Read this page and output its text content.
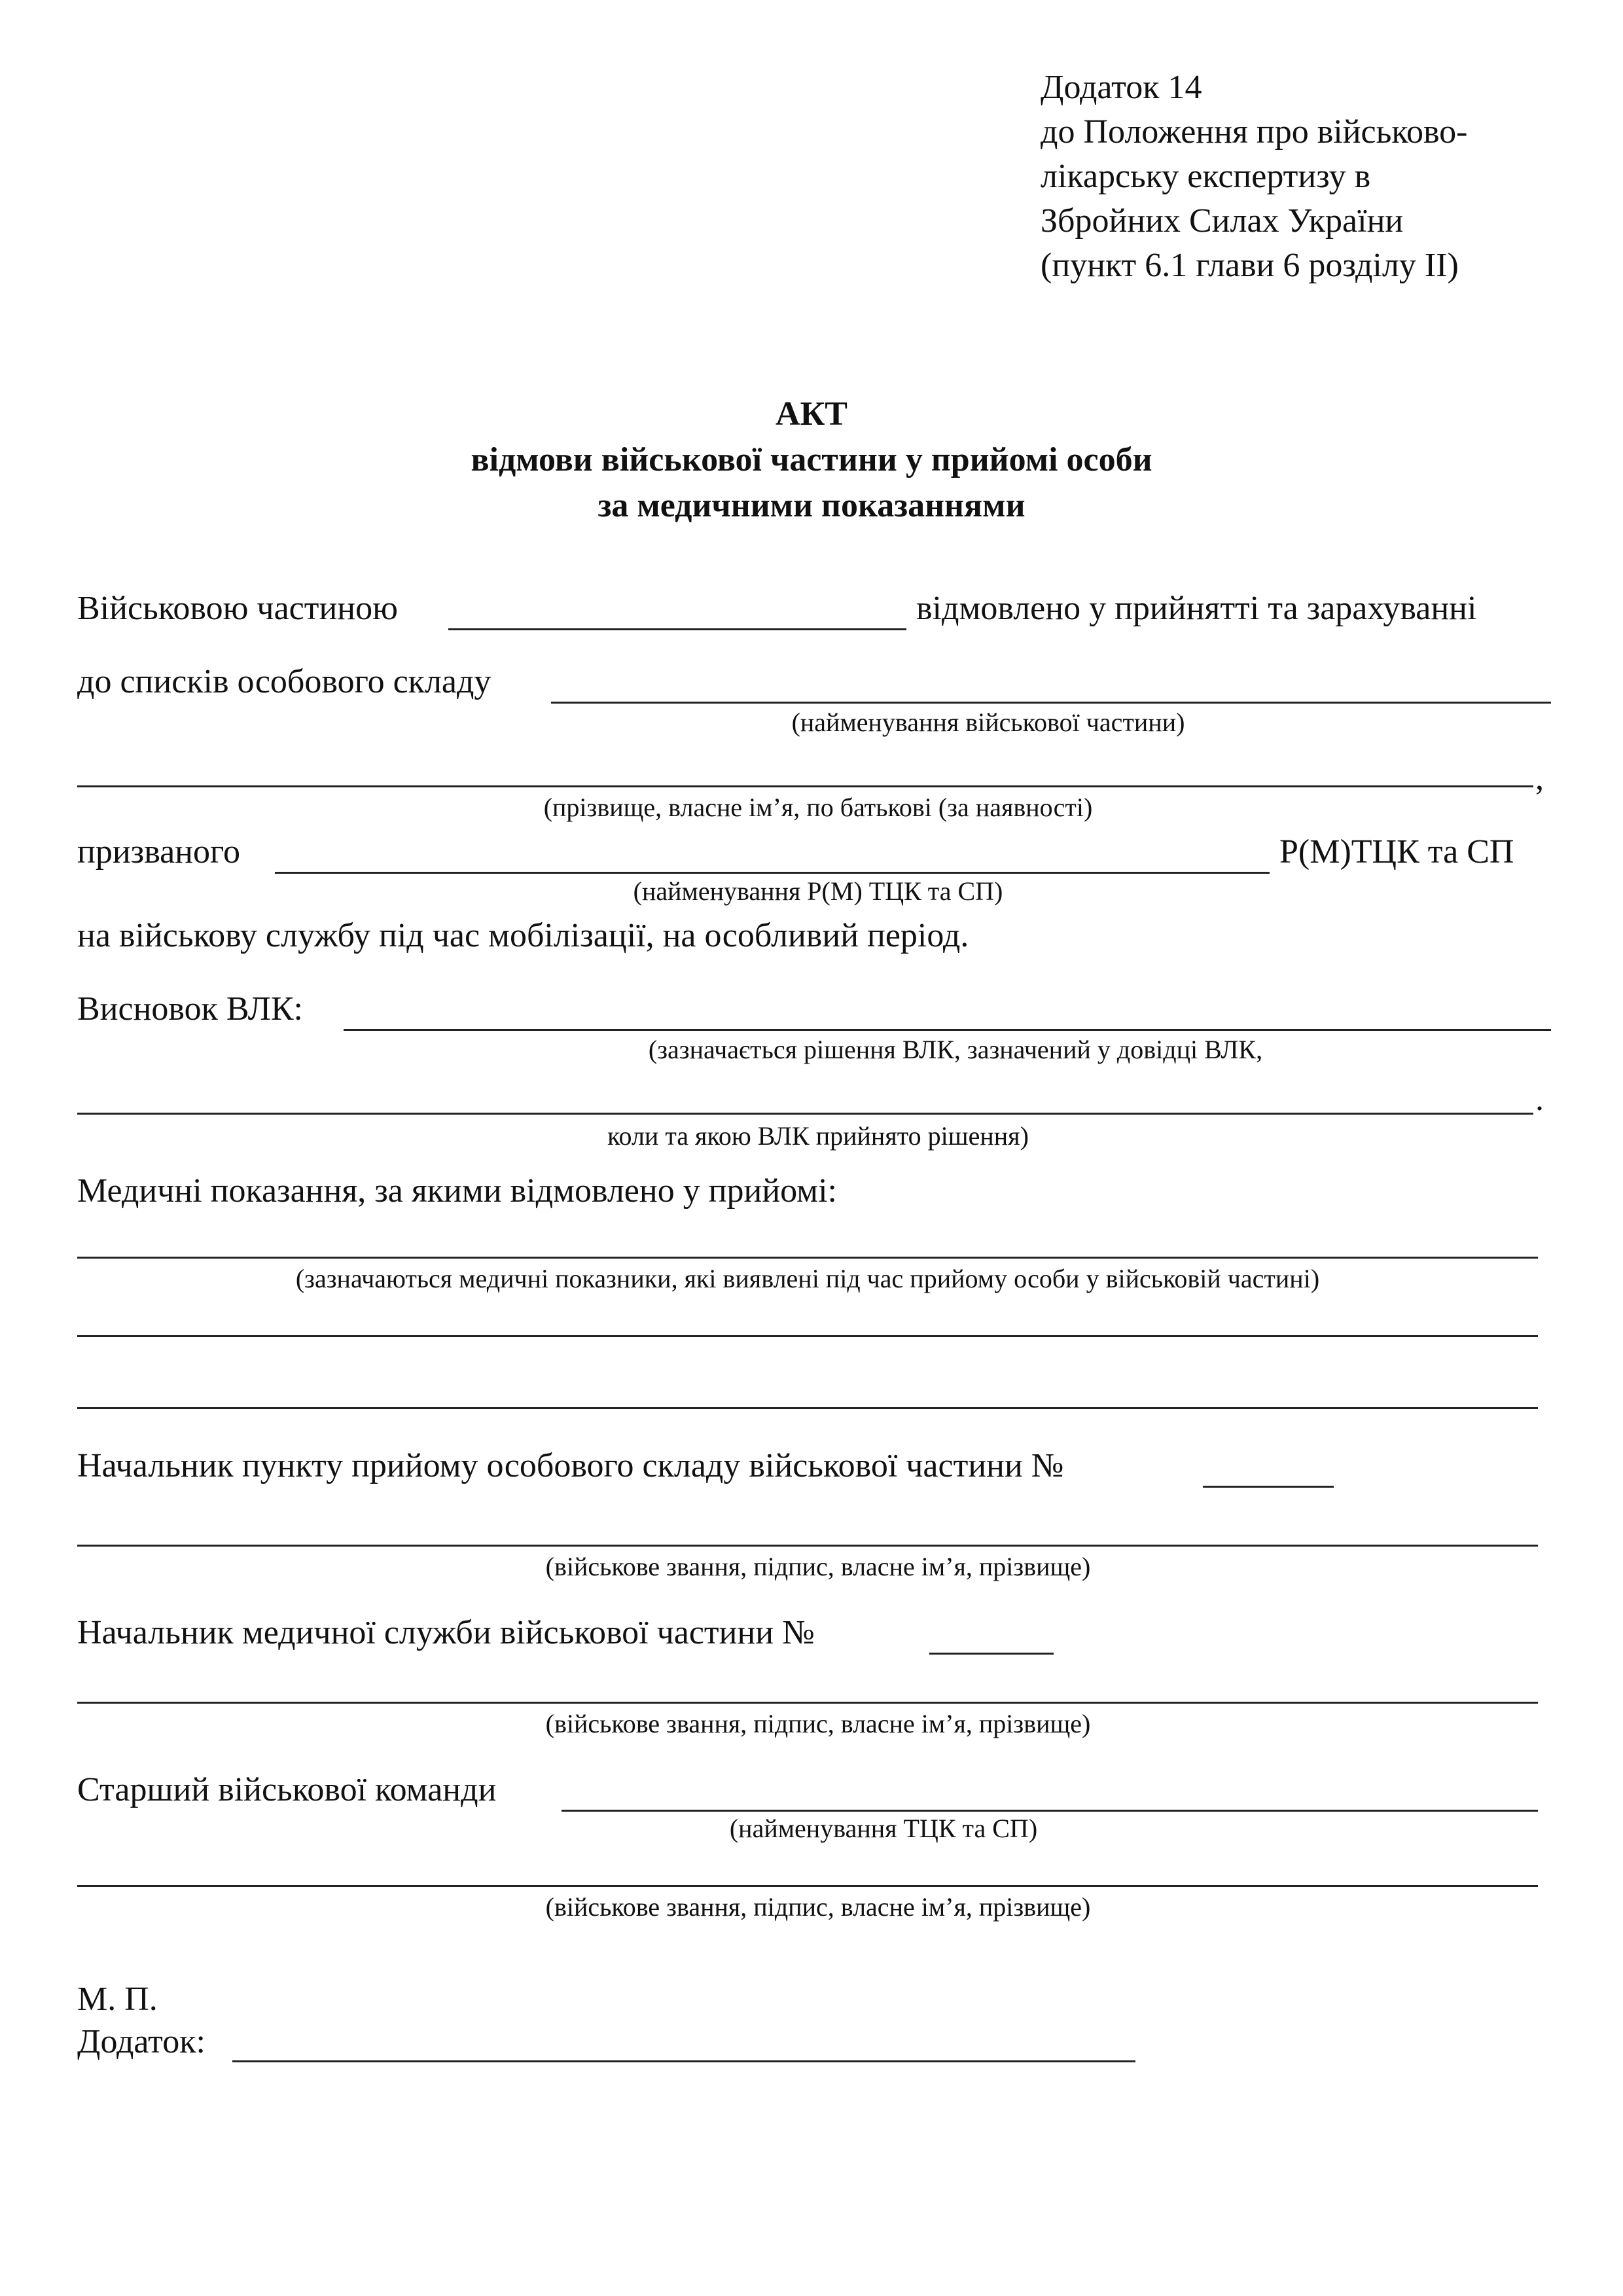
Додаток 14
до Положення про військово-
лікарську експертизу в
Збройних Силах України
(пункт 6.1 глави 6 розділу ІІ)
АКТ
відмови військової частини у прийомі особи
за медичними показаннями
Військовою частиною	відмовлено у прийнятті та зарахуванні
до списків особового складу
(найменування військової частини)
,
(прізвище, власне ім’я, по батькові (за наявності)
призваного	Р(М)ТЦК та СП
(найменування Р(М) ТЦК та СП)
на військову службу під час мобілізації, на особливий період.
Висновок ВЛК:
(зазначається рішення ВЛК, зазначений у довідці ВЛК,
.
коли та якою ВЛК прийнято рішення)
Медичні показання, за якими відмовлено у прийомі:
(зазначаються медичні показники, які виявлені під час прийому особи у військовій частині)
Начальник пункту прийому особового складу військової частини №
(військове звання, підпис, власне ім’я, прізвище)
Начальник медичної служби військової частини №
(військове звання, підпис, власне ім’я, прізвище)
Старший військової команди
(найменування ТЦК та СП)
(військове звання, підпис, власне ім’я, прізвище)
М. П.
Додаток:
